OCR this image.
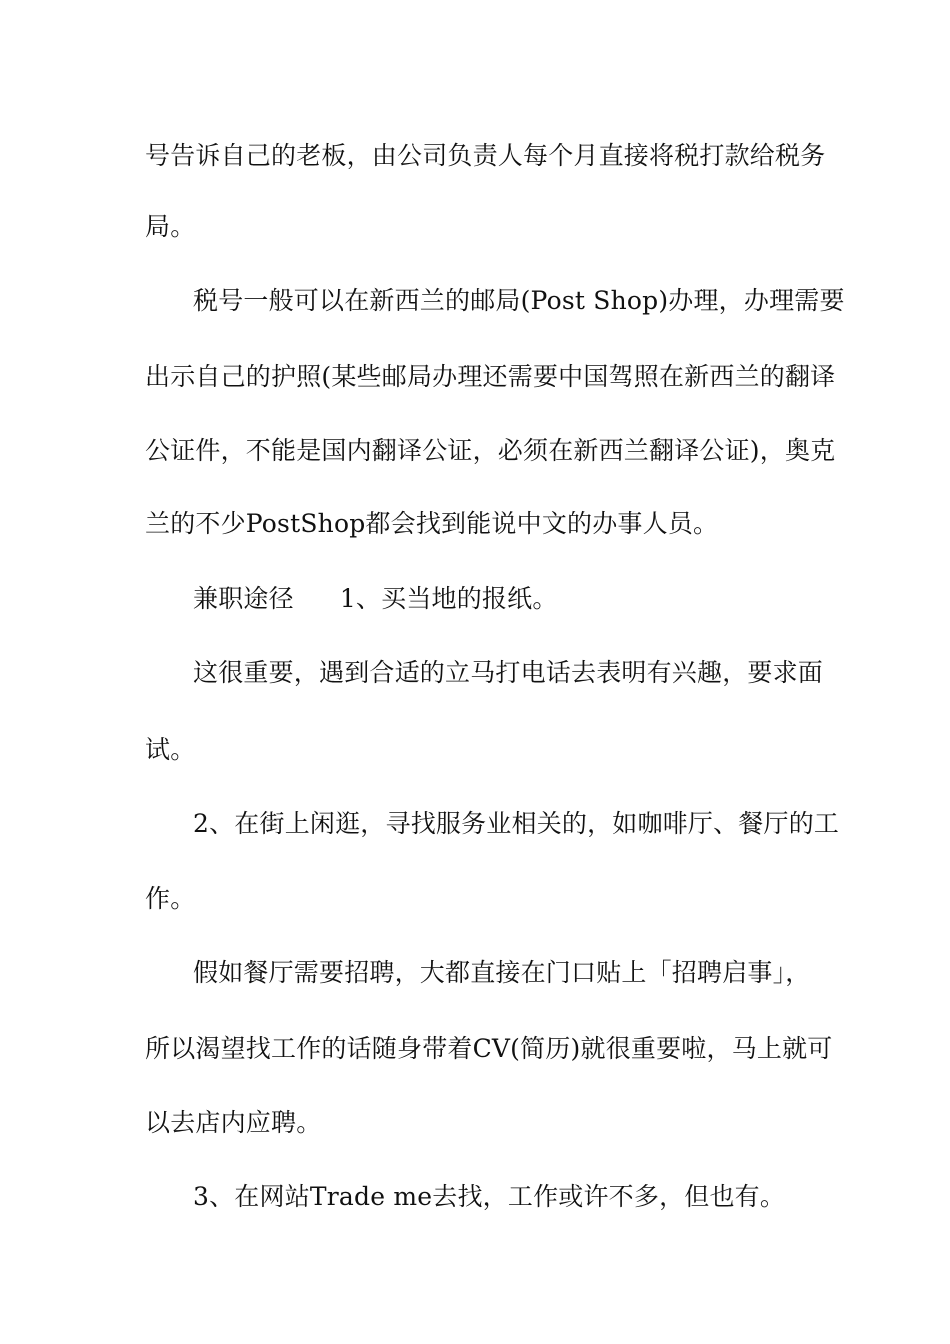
号告诉自己的老板，由公司负责人每个月直接将税打款给税务
局。
税号一般可以在新西兰的邮局(Post Shop)办理，办理需要
出示自己的护照(某些邮局办理还需要中国驾照在新西兰的翻译
公证件，不能是国内翻译公证，必须在新西兰翻译公证)，奥克
兰的不少PostShop都会找到能说中文的办事人员。
兼职途径 1、买当地的报纸。
这很重要，遇到合适的立马打电话去表明有兴趣，要求面
试。
2、在街上闲逛，寻找服务业相关的，如咖啡厅、餐厅的工
作。
假如餐厅需要招聘，大都直接在门口贴上「招聘启事」，
所以渴望找工作的话随身带着CV(简历)就很重要啦，马上就可
以去店内应聘。
3、在网站Trade me去找，工作或许不多，但也有。
